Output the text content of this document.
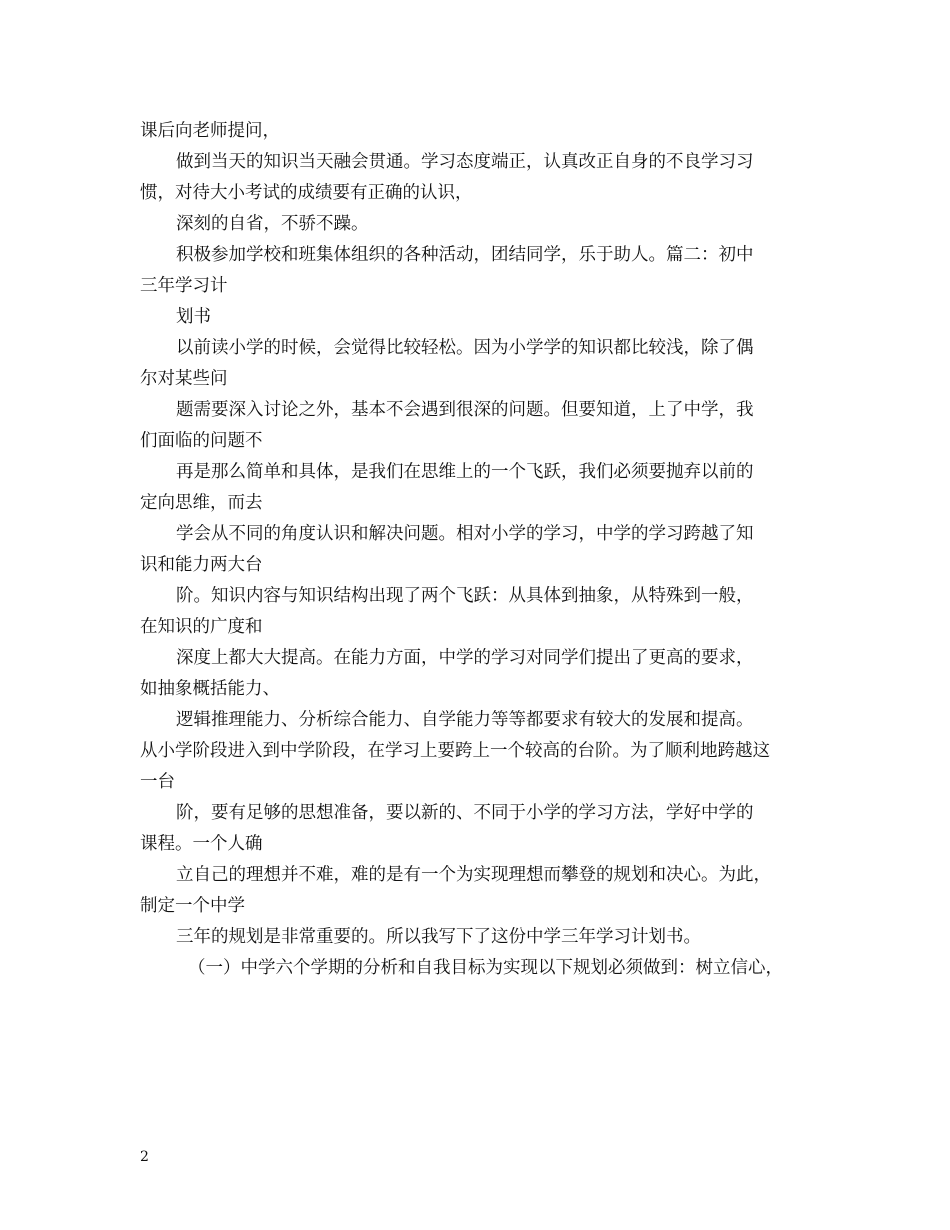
课后向老师提问，
做到当天的知识当天融会贯通。学习态度端正，认真改正自身的不良学习习
惯，对待大小考试的成绩要有正确的认识，
深刻的自省，不骄不躁。
积极参加学校和班集体组织的各种活动，团结同学，乐于助人。篇二：初中
三年学习计
划书
以前读小学的时候，会觉得比较轻松。因为小学学的知识都比较浅，除了偶
尔对某些问
题需要深入讨论之外，基本不会遇到很深的问题。但要知道，上了中学，我
们面临的问题不
再是那么简单和具体，是我们在思维上的一个飞跃，我们必须要抛弃以前的
定向思维，而去
学会从不同的角度认识和解决问题。相对小学的学习，中学的学习跨越了知
识和能力两大台
阶。知识内容与知识结构出现了两个飞跃：从具体到抽象，从特殊到一般，
在知识的广度和
深度上都大大提高。在能力方面，中学的学习对同学们提出了更高的要求，
如抽象概括能力、
逻辑推理能力、分析综合能力、自学能力等等都要求有较大的发展和提高。
从小学阶段进入到中学阶段，在学习上要跨上一个较高的台阶。为了顺利地跨越这
一台
阶，要有足够的思想准备，要以新的、不同于小学的学习方法，学好中学的
课程。一个人确
立自己的理想并不难，难的是有一个为实现理想而攀登的规划和决心。为此，
制定一个中学
三年的规划是非常重要的。所以我写下了这份中学三年学习计划书。
（一）中学六个学期的分析和自我目标为实现以下规划必须做到：树立信心，
2
